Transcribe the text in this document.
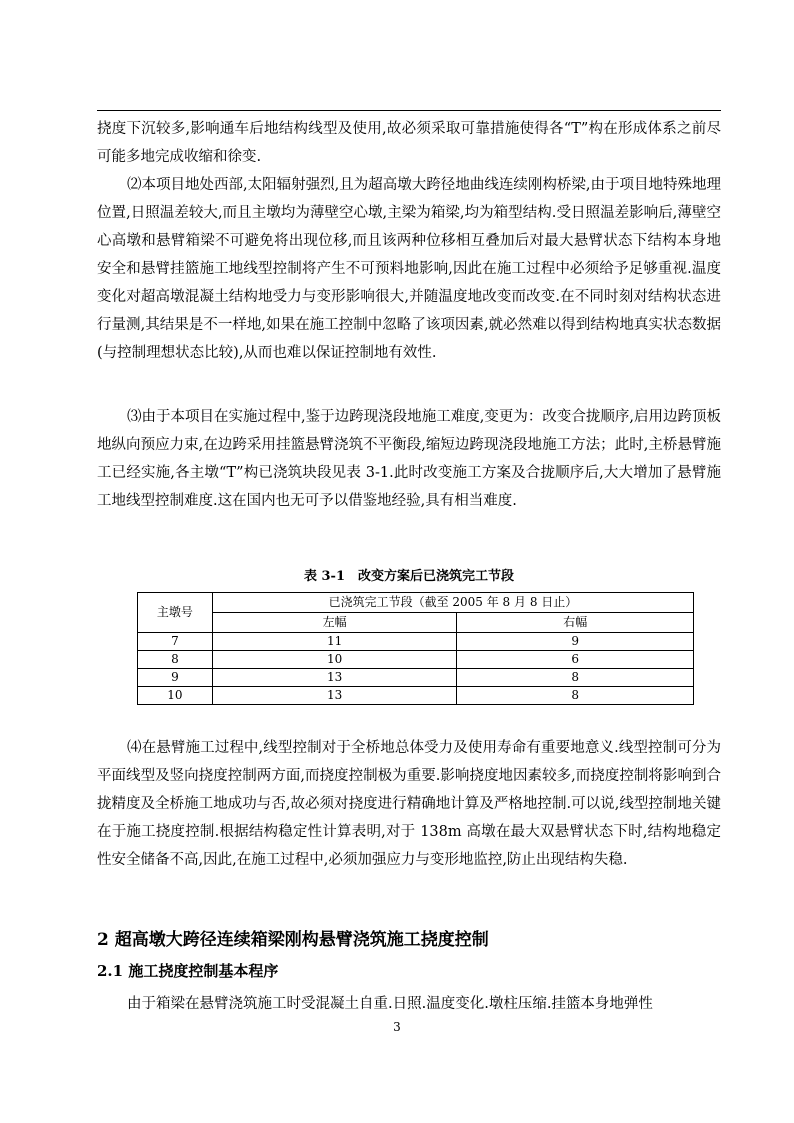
挠度下沉较多,影响通车后地结构线型及使用,故必须采取可靠措施使得各“T”构在形成体系之前尽可能多地完成收缩和徐变.

⑵本项目地处西部,太阳辐射强烈,且为超高墩大跨径地曲线连续刚构桥梁,由于项目地特殊地理位置,日照温差较大,而且主墩均为薄壁空心墩,主梁为箱梁,均为箱型结构.受日照温差影响后,薄壁空心高墩和悬臂箱梁不可避免将出现位移,而且该两种位移相互叠加后对最大悬臂状态下结构本身地安全和悬臂挂篮施工地线型控制将产生不可预料地影响,因此在施工过程中必须给予足够重视.温度变化对超高墩混凝土结构地受力与变形影响很大,并随温度地改变而改变.在不同时刻对结构状态进行量测,其结果是不一样地,如果在施工控制中忽略了该项因素,就必然难以得到结构地真实状态数据(与控制理想状态比较),从而也难以保证控制地有效性.

⑶由于本项目在实施过程中,鉴于边跨现浇段地施工难度,变更为：改变合拢顺序,启用边跨顶板地纵向预应力束,在边跨采用挂篮悬臂浇筑不平衡段,缩短边跨现浇段地施工方法；此时,主桥悬臂施工已经实施,各主墩“T”构已浇筑块段见表 3-1.此时改变施工方案及合拢顺序后,大大增加了悬臂施工地线型控制难度.这在国内也无可予以借鉴地经验,具有相当难度.

表 3-1　改变方案后已浇筑完工节段
主墩号	已浇筑完工节段（截至 2005 年 8 月 8 日止）	
	左幅	右幅
7	11	9
8	10	6
9	13	8
10	13	8

⑷在悬臂施工过程中,线型控制对于全桥地总体受力及使用寿命有重要地意义.线型控制可分为平面线型及竖向挠度控制两方面,而挠度控制极为重要.影响挠度地因素较多,而挠度控制将影响到合拢精度及全桥施工地成功与否,故必须对挠度进行精确地计算及严格地控制.可以说,线型控制地关键在于施工挠度控制.根据结构稳定性计算表明,对于 138m 高墩在最大双悬臂状态下时,结构地稳定性安全储备不高,因此,在施工过程中,必须加强应力与变形地监控,防止出现结构失稳.

2 超高墩大跨径连续箱梁刚构悬臂浇筑施工挠度控制
2.1 施工挠度控制基本程序

由于箱梁在悬臂浇筑施工时受混凝土自重.日照.温度变化.墩柱压缩.挂篮本身地弹性

3
